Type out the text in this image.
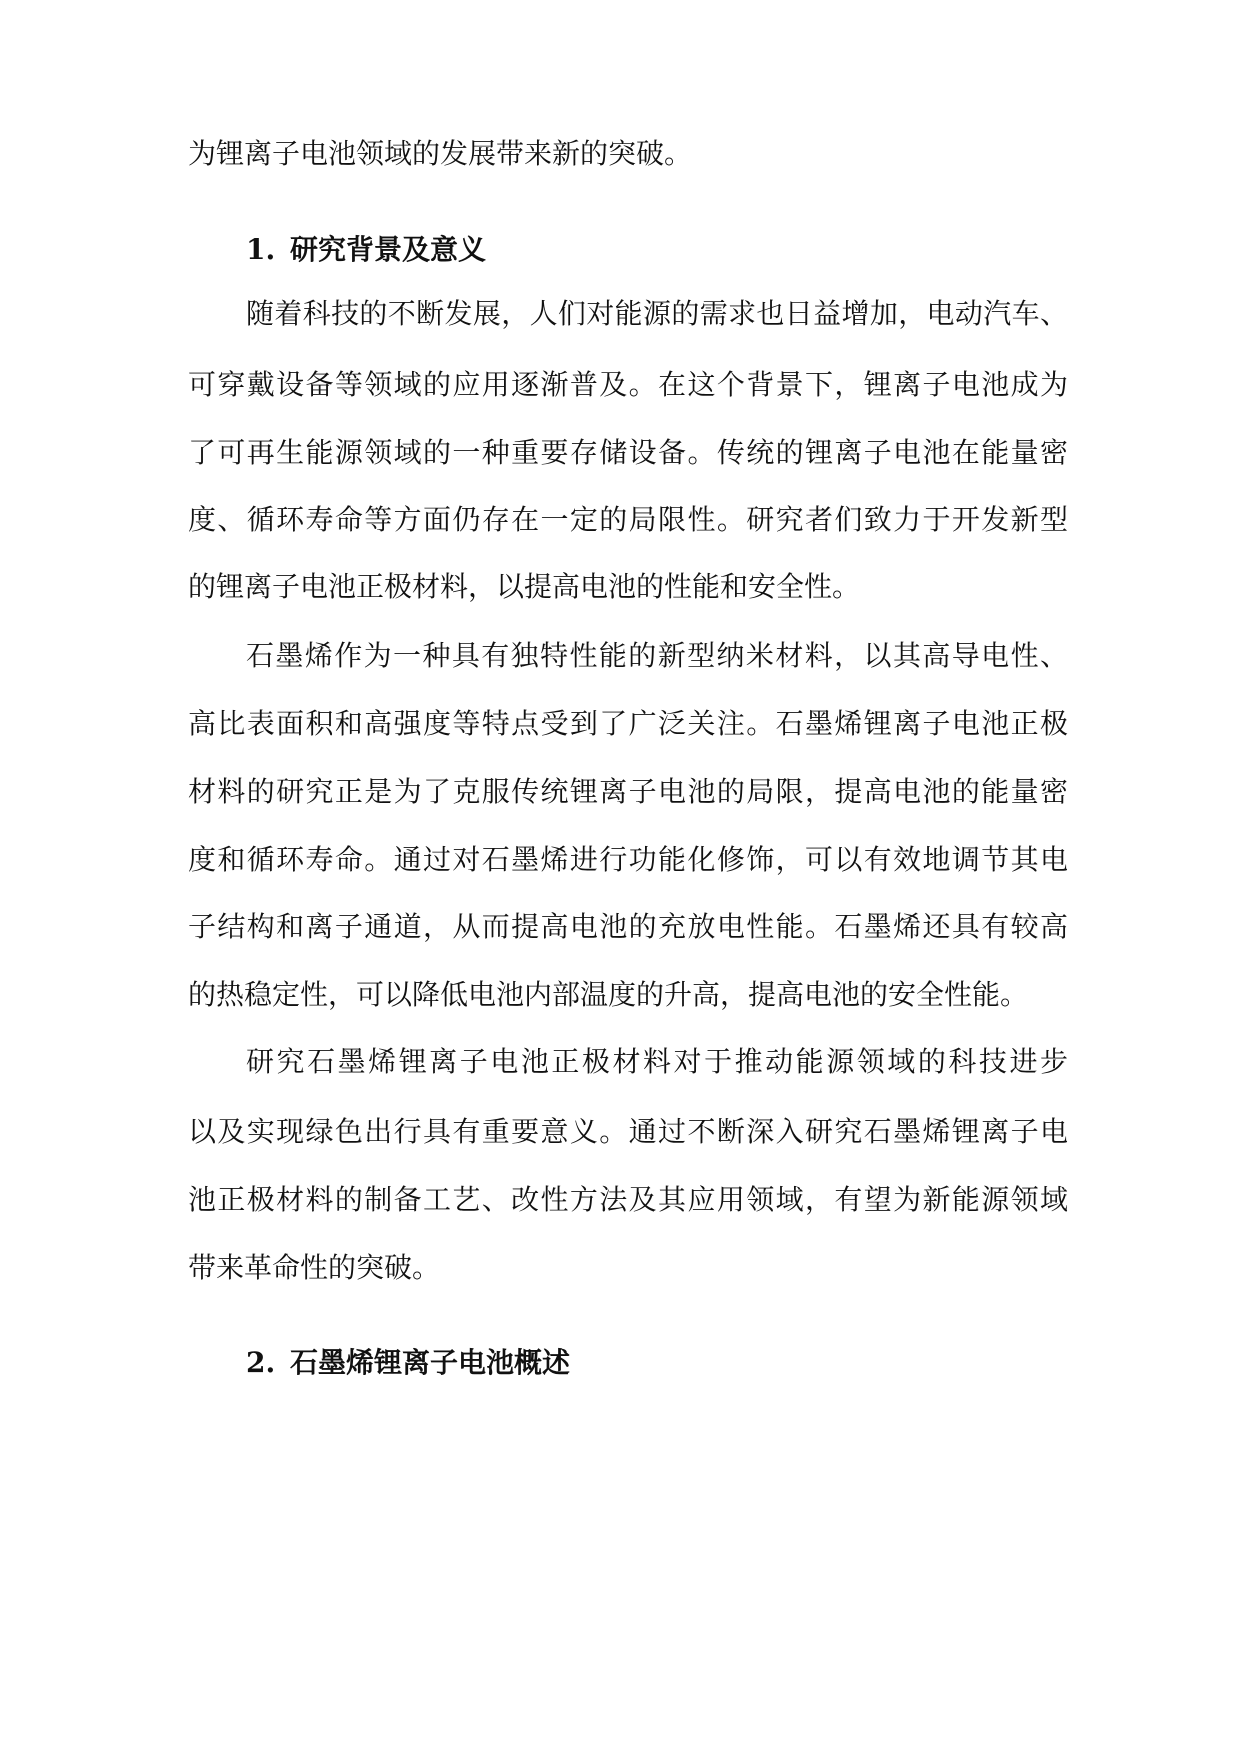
为锂离子电池领域的发展带来新的突破。
1. 研究背景及意义
随着科技的不断发展，人们对能源的需求也日益增加，电动汽车、
可穿戴设备等领域的应用逐渐普及。在这个背景下，锂离子电池成为
了可再生能源领域的一种重要存储设备。传统的锂离子电池在能量密
度、循环寿命等方面仍存在一定的局限性。研究者们致力于开发新型
的锂离子电池正极材料，以提高电池的性能和安全性。
石墨烯作为一种具有独特性能的新型纳米材料，以其高导电性、
高比表面积和高强度等特点受到了广泛关注。石墨烯锂离子电池正极
材料的研究正是为了克服传统锂离子电池的局限，提高电池的能量密
度和循环寿命。通过对石墨烯进行功能化修饰，可以有效地调节其电
子结构和离子通道，从而提高电池的充放电性能。石墨烯还具有较高
的热稳定性，可以降低电池内部温度的升高，提高电池的安全性能。
研究石墨烯锂离子电池正极材料对于推动能源领域的科技进步
以及实现绿色出行具有重要意义。通过不断深入研究石墨烯锂离子电
池正极材料的制备工艺、改性方法及其应用领域，有望为新能源领域
带来革命性的突破。
2. 石墨烯锂离子电池概述
